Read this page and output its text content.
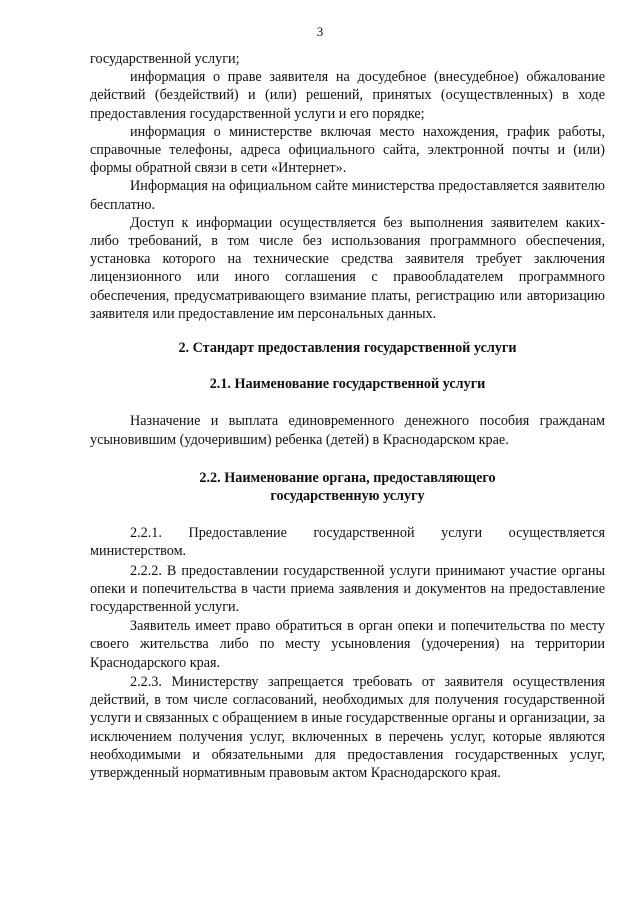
3

государственной услуги;

информация о праве заявителя на досудебное (внесудебное) обжалование действий (бездействий) и (или) решений, принятых (осуществленных) в ходе предоставления государственной услуги и его порядке;

информация о министерстве включая место нахождения, график работы, справочные телефоны, адреса официального сайта, электронной почты и (или) формы обратной связи в сети «Интернет».

Информация на официальном сайте министерства предоставляется заявителю бесплатно.

Доступ к информации осуществляется без выполнения заявителем каких-либо требований, в том числе без использования программного обеспечения, установка которого на технические средства заявителя требует заключения лицензионного или иного соглашения с правообладателем программного обеспечения, предусматривающего взимание платы, регистрацию или авторизацию заявителя или предоставление им персональных данных.

2. Стандарт предоставления государственной услуги

2.1. Наименование государственной услуги

Назначение и выплата единовременного денежного пособия гражданам усыновившим (удочерившим) ребенка (детей) в Краснодарском крае.

2.2. Наименование органа, предоставляющего
государственную услугу

2.2.1. Предоставление государственной услуги осуществляется министерством.

2.2.2. В предоставлении государственной услуги принимают участие органы опеки и попечительства в части приема заявления и документов на предоставление государственной услуги.

Заявитель имеет право обратиться в орган опеки и попечительства по месту своего жительства либо по месту усыновления (удочерения) на территории Краснодарского края.

2.2.3. Министерству запрещается требовать от заявителя осуществления действий, в том числе согласований, необходимых для получения государственной услуги и связанных с обращением в иные государственные органы и организации, за исключением получения услуг, включенных в перечень услуг, которые являются необходимыми и обязательными для предоставления государственных услуг, утвержденный нормативным правовым актом Краснодарского края.
